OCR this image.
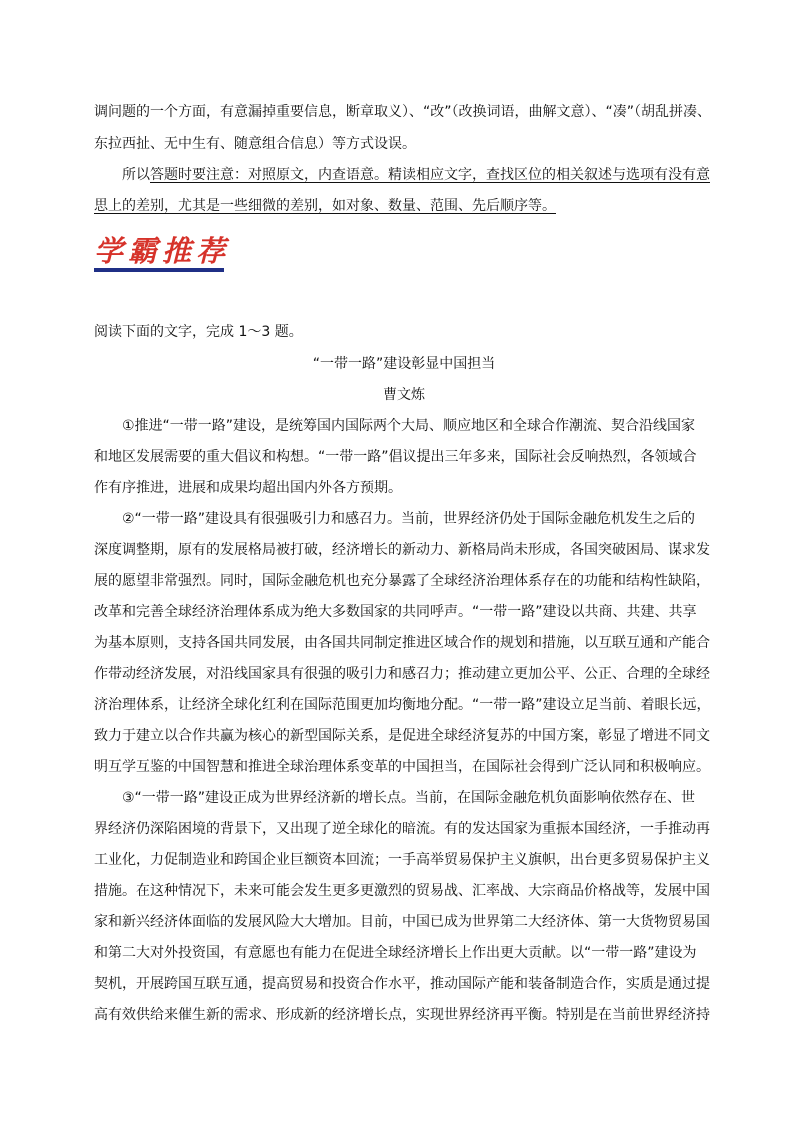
调问题的一个方面，有意漏掉重要信息，断章取义）、“改”（改换词语，曲解文意）、“凑”（胡乱拼凑、
东拉西扯、无中生有、随意组合信息）等方式设误。
所以答题时要注意：对照原文，内查语意。精读相应文字，查找区位的相关叙述与选项有没有意
思上的差别，尤其是一些细微的差别，如对象、数量、范围、先后顺序等。
学霸推荐
阅读下面的文字，完成 1～3 题。
“一带一路”建设彰显中国担当
曹文炼
①推进“一带一路”建设，是统筹国内国际两个大局、顺应地区和全球合作潮流、契合沿线国家
和地区发展需要的重大倡议和构想。“一带一路”倡议提出三年多来，国际社会反响热烈，各领域合
作有序推进，进展和成果均超出国内外各方预期。
②“一带一路”建设具有很强吸引力和感召力。当前，世界经济仍处于国际金融危机发生之后的
深度调整期，原有的发展格局被打破，经济增长的新动力、新格局尚未形成，各国突破困局、谋求发
展的愿望非常强烈。同时，国际金融危机也充分暴露了全球经济治理体系存在的功能和结构性缺陷，
改革和完善全球经济治理体系成为绝大多数国家的共同呼声。“一带一路”建设以共商、共建、共享
为基本原则，支持各国共同发展，由各国共同制定推进区域合作的规划和措施，以互联互通和产能合
作带动经济发展，对沿线国家具有很强的吸引力和感召力；推动建立更加公平、公正、合理的全球经
济治理体系，让经济全球化红利在国际范围更加均衡地分配。“一带一路”建设立足当前、着眼长远，
致力于建立以合作共赢为核心的新型国际关系，是促进全球经济复苏的中国方案，彰显了增进不同文
明互学互鉴的中国智慧和推进全球治理体系变革的中国担当，在国际社会得到广泛认同和积极响应。
③“一带一路”建设正成为世界经济新的增长点。当前，在国际金融危机负面影响依然存在、世
界经济仍深陷困境的背景下，又出现了逆全球化的暗流。有的发达国家为重振本国经济，一手推动再
工业化，力促制造业和跨国企业巨额资本回流；一手高举贸易保护主义旗帜，出台更多贸易保护主义
措施。在这种情况下，未来可能会发生更多更激烈的贸易战、汇率战、大宗商品价格战等，发展中国
家和新兴经济体面临的发展风险大大增加。目前，中国已成为世界第二大经济体、第一大货物贸易国
和第二大对外投资国，有意愿也有能力在促进全球经济增长上作出更大贡献。以“一带一路”建设为
契机，开展跨国互联互通，提高贸易和投资合作水平，推动国际产能和装备制造合作，实质是通过提
高有效供给来催生新的需求、形成新的经济增长点，实现世界经济再平衡。特别是在当前世界经济持
